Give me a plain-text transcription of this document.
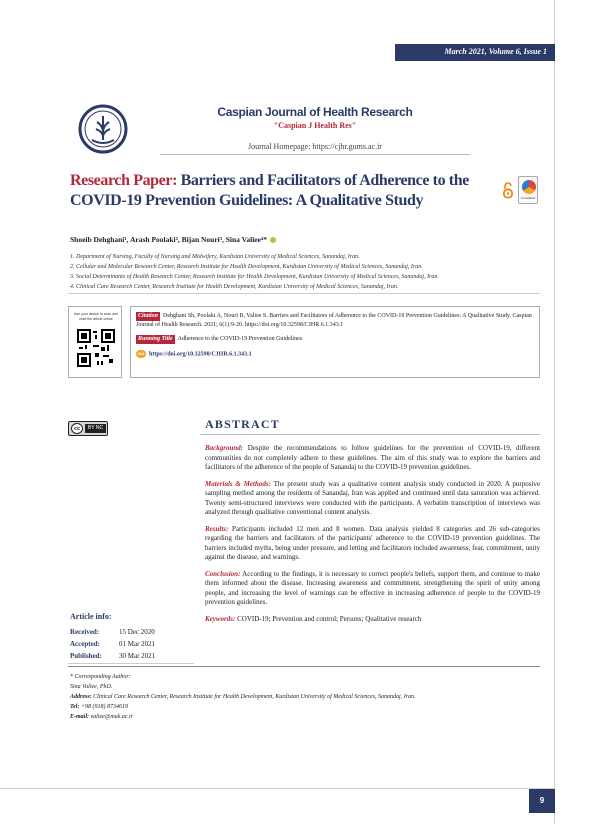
March 2021, Volume 6, Issue 1
Caspian Journal of Health Research
"Caspian J Health Res"
Journal Homepage: https://cjhr.gums.ac.ir
Research Paper: Barriers and Facilitators of Adherence to the COVID-19 Prevention Guidelines: A Qualitative Study	CrossMark
Shoeib Dehghani¹, Arash Poolaki², Bijan Nouri³, Sina Valiee⁴*
1. Department of Nursing, Faculty of Nursing and Midwifery, Kurdistan University of Medical Sciences, Sanandaj, Iran.
2. Cellular and Molecular Research Center, Research Institute for Health Development, Kurdistan University of Medical Sciences, Sanandaj, Iran.
3. Social Determinants of Health Research Center, Research Institute for Health Development, Kurdistan University of Medical Sciences, Sanandaj, Iran.
4. Clinical Care Research Center, Research Institute for Health Development, Kurdistan University of Medical Sciences, Sanandaj, Iran.
Use your device to scan and read the article online	Citation Dehghani Sh, Poolaki A, Nouri B, Valiee S. Barriers and Facilitators of Adherence to the COVID-19 Prevention Guidelines: A Qualitative Study. Caspian Journal of Health Research. 2021; 6(1):9-20. https://doi.org/10.32598/CJHR.6.1.343.1
Running Title Adherence to the COVID-19 Prevention Guidelines
doi https://doi.org/10.32598/CJHR.6.1.343.1
cc	BY NC	ABSTRACT

Background: Despite the recommendations to follow guidelines for the prevention of COVID-19, different communities do not completely adhere to these guidelines. The aim of this study was to explore the barriers and facilitators of the adherence of the people of Sanandaj to the COVID-19 prevention guidelines.

Materials & Methods: The present study was a qualitative content analysis study conducted in 2020. A purposive sampling method among the residents of Sanandaj, Iran was applied and continued until data saturation was achieved. Twenty semi-structured interviews were conducted with the participants. A verbatim transcription of interviews was analyzed through qualitative conventional content analysis.

Results: Participants included 12 men and 8 women. Data analysis yielded 8 categories and 26 sub-categories regarding the barriers and facilitators of the participants' adherence to the COVID-19 prevention guidelines. The barriers included myths, being under pressure, and letting and facilitators included awareness, fear, commitment, unity against the disease, and warnings.

Conclusion: According to the findings, it is necessary to correct people's beliefs, support them, and continue to make them informed about the disease. Increasing awareness and commitment, strengthening the spirit of unity among people, and increasing the level of warnings can be effective in increasing adherence of people to the COVID-19 prevention guidelines.

Keywords: COVID-19; Prevention and control; Persons; Qualitative research

Article info:
Received:	15 Dec 2020
Accepted:	01 Mar 2021
Published: 30 Mar 2021
* Corresponding Author:
Sina Valiee, PhD.
Address: Clinical Care Research Center, Research Institute for Health Development, Kurdistan University of Medical Sciences, Sanandaj, Iran.
Tel: +98 (918) 8734619
E-mail: valiee@muk.ac.ir
9
